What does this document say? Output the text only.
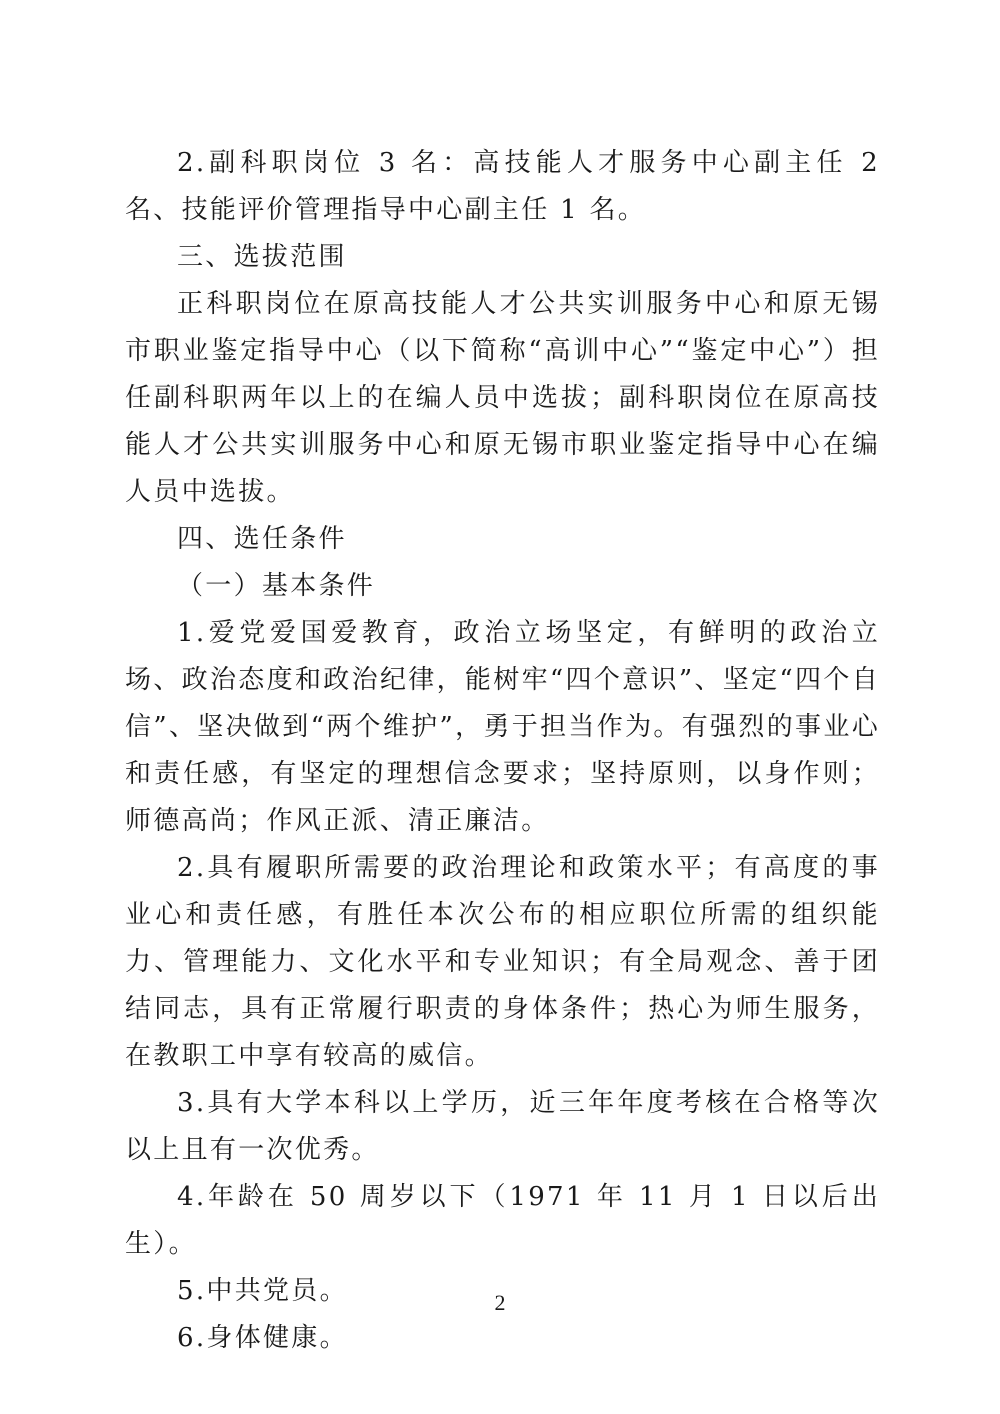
2.副科职岗位 3 名：高技能人才服务中心副主任 2 名、技能评价管理指导中心副主任 1 名。

三、选拔范围

正科职岗位在原高技能人才公共实训服务中心和原无锡市职业鉴定指导中心（以下简称“高训中心”“鉴定中心”）担任副科职两年以上的在编人员中选拔；副科职岗位在原高技能人才公共实训服务中心和原无锡市职业鉴定指导中心在编人员中选拔。

四、选任条件

（一）基本条件

1.爱党爱国爱教育，政治立场坚定，有鲜明的政治立场、政治态度和政治纪律，能树牢“四个意识”、坚定“四个自信”、坚决做到“两个维护”，勇于担当作为。有强烈的事业心和责任感，有坚定的理想信念要求；坚持原则，以身作则；师德高尚；作风正派、清正廉洁。

2.具有履职所需要的政治理论和政策水平；有高度的事业心和责任感，有胜任本次公布的相应职位所需的组织能力、管理能力、文化水平和专业知识；有全局观念、善于团结同志，具有正常履行职责的身体条件；热心为师生服务，在教职工中享有较高的威信。

3.具有大学本科以上学历，近三年年度考核在合格等次以上且有一次优秀。

4.年龄在 50 周岁以下（1971 年 11 月 1 日以后出生）。

5.中共党员。

6.身体健康。

2
